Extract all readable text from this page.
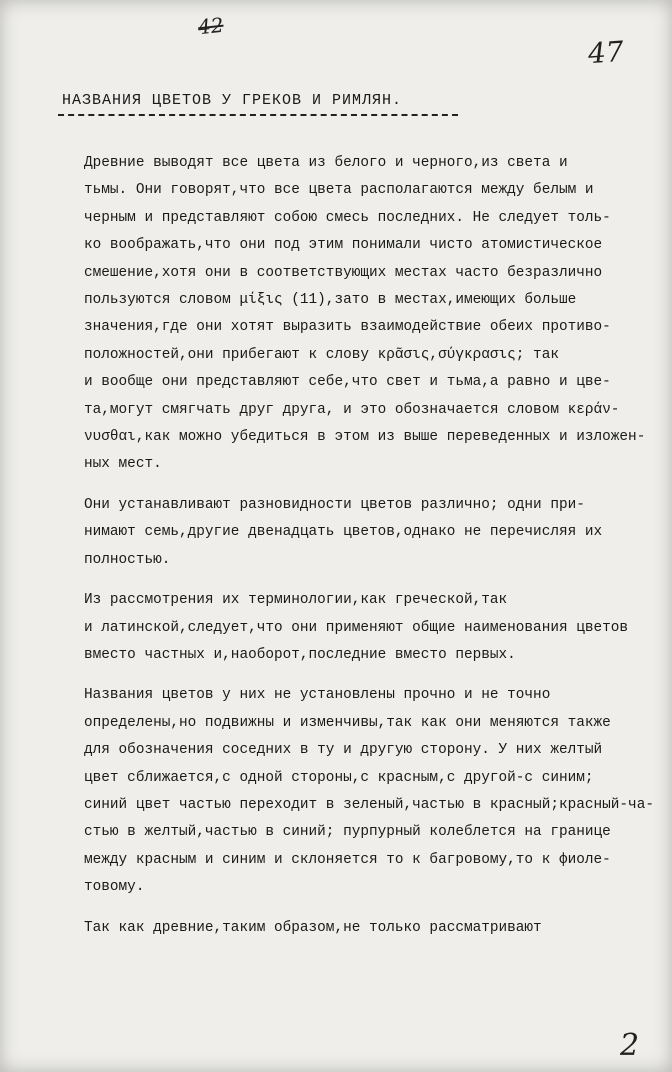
42
47
НАЗВАНИЯ ЦВЕТОВ У ГРЕКОВ И РИМЛЯН.

Древние выводят все цвета из белого и черного,из света и
тьмы. Они говорят,что все цвета располагаются между белым и
черным и представляют собою смесь последних. Не следует толь-
ко воображать,что они под этим понимали чисто атомистическое
смешение,хотя они в соответствующих местах часто безразлично
пользуются словом μίξις (11),зато в местах,имеющих больше
значения,где они хотят выразить взаимодействие обеих противо-
положностей,они прибегают к слову κρᾶσις,σύγκρασις; так
и вообще они представляют себе,что свет и тьма,а равно и цве-
та,могут смягчать друг друга, и это обозначается словом κεράν-
νυσθαι,как можно убедиться в этом из выше переведенных и изложен-
ных мест.

Они устанавливают разновидности цветов различно; одни при-
нимают семь,другие двенадцать цветов,однако не перечисляя их
полностью.

Из рассмотрения их терминологии,как греческой,так
и латинской,следует,что они применяют общие наименования цветов
вместо частных и,наоборот,последние вместо первых.

Названия цветов у них не установлены прочно и не точно
определены,но подвижны и изменчивы,так как они меняются также
для обозначения соседних в ту и другую сторону. У них желтый
цвет сближается,с одной стороны,с красным,с другой-с синим;
синий цвет частью переходит в зеленый,частью в красный;красный-ча-
стью в желтый,частью в синий; пурпурный колеблется на границе
между красным и синим и склоняется то к багровому,то к фиоле-
товому.

Так как древние,таким образом,не только рассматривают

2
